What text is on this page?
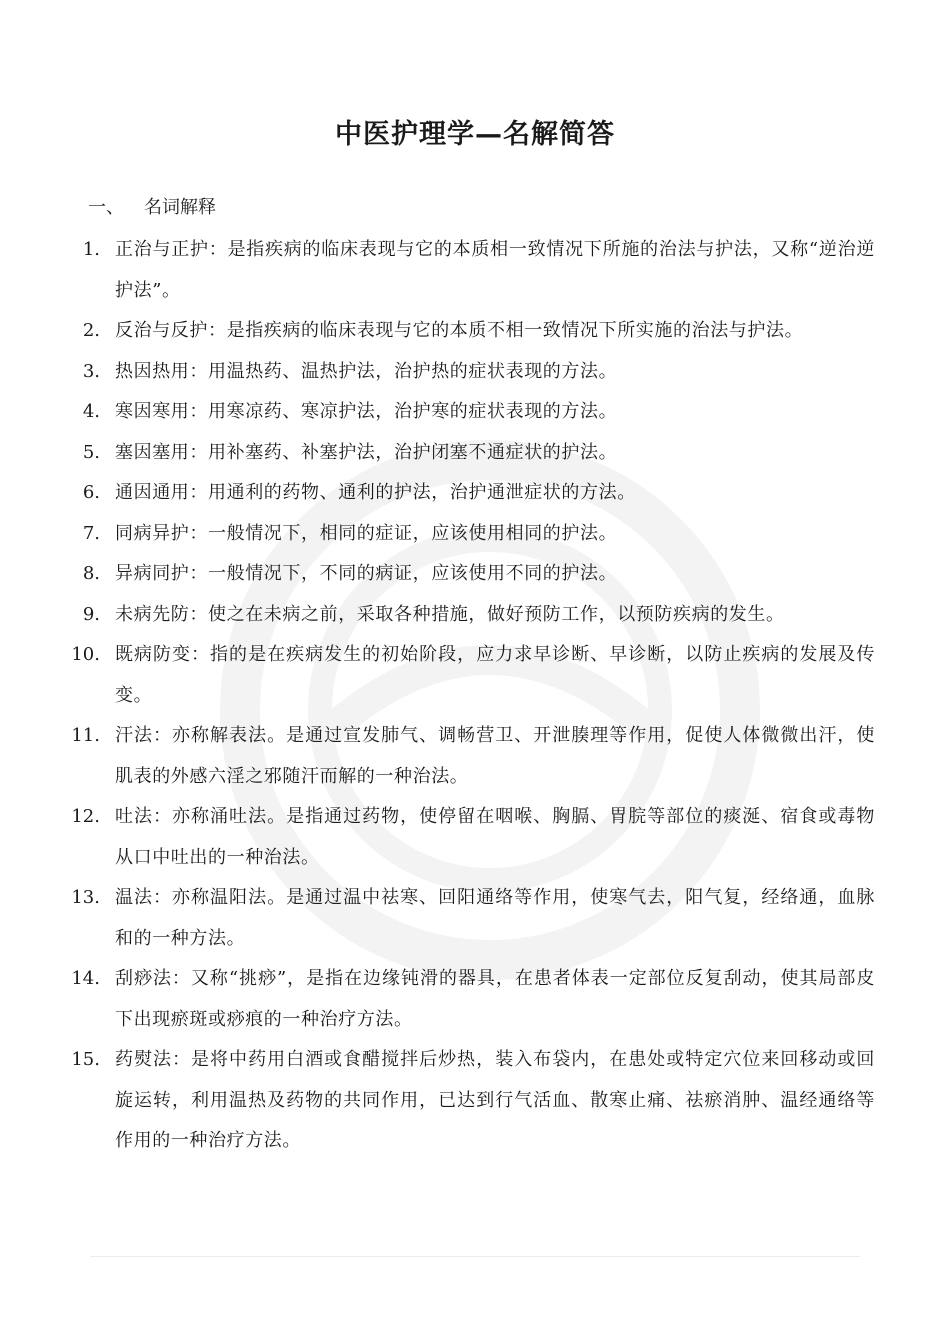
中医护理学—名解简答
一、 名词解释
1. 正治与正护：是指疾病的临床表现与它的本质相一致情况下所施的治法与护法，又称“逆治逆护法”。
2. 反治与反护：是指疾病的临床表现与它的本质不相一致情况下所实施的治法与护法。
3. 热因热用：用温热药、温热护法，治护热的症状表现的方法。
4. 寒因寒用：用寒凉药、寒凉护法，治护寒的症状表现的方法。
5. 塞因塞用：用补塞药、补塞护法，治护闭塞不通症状的护法。
6. 通因通用：用通利的药物、通利的护法，治护通泄症状的方法。
7. 同病异护：一般情况下，相同的症证，应该使用相同的护法。
8. 异病同护：一般情况下，不同的病证，应该使用不同的护法。
9. 未病先防：使之在未病之前，采取各种措施，做好预防工作，以预防疾病的发生。
10. 既病防变：指的是在疾病发生的初始阶段，应力求早诊断、早诊断，以防止疾病的发展及传变。
11. 汗法：亦称解表法。是通过宣发肺气、调畅营卫、开泄腠理等作用，促使人体微微出汗，使肌表的外感六淫之邪随汗而解的一种治法。
12. 吐法：亦称涌吐法。是指通过药物，使停留在咽喉、胸膈、胃脘等部位的痰涎、宿食或毒物从口中吐出的一种治法。
13. 温法：亦称温阳法。是通过温中祛寒、回阳通络等作用，使寒气去，阳气复，经络通，血脉和的一种方法。
14. 刮痧法：又称“挑痧”，是指在边缘钝滑的器具，在患者体表一定部位反复刮动，使其局部皮下出现瘀斑或痧痕的一种治疗方法。
15. 药熨法：是将中药用白酒或食醋搅拌后炒热，装入布袋内，在患处或特定穴位来回移动或回旋运转，利用温热及药物的共同作用，已达到行气活血、散寒止痛、祛瘀消肿、温经通络等作用的一种治疗方法。
